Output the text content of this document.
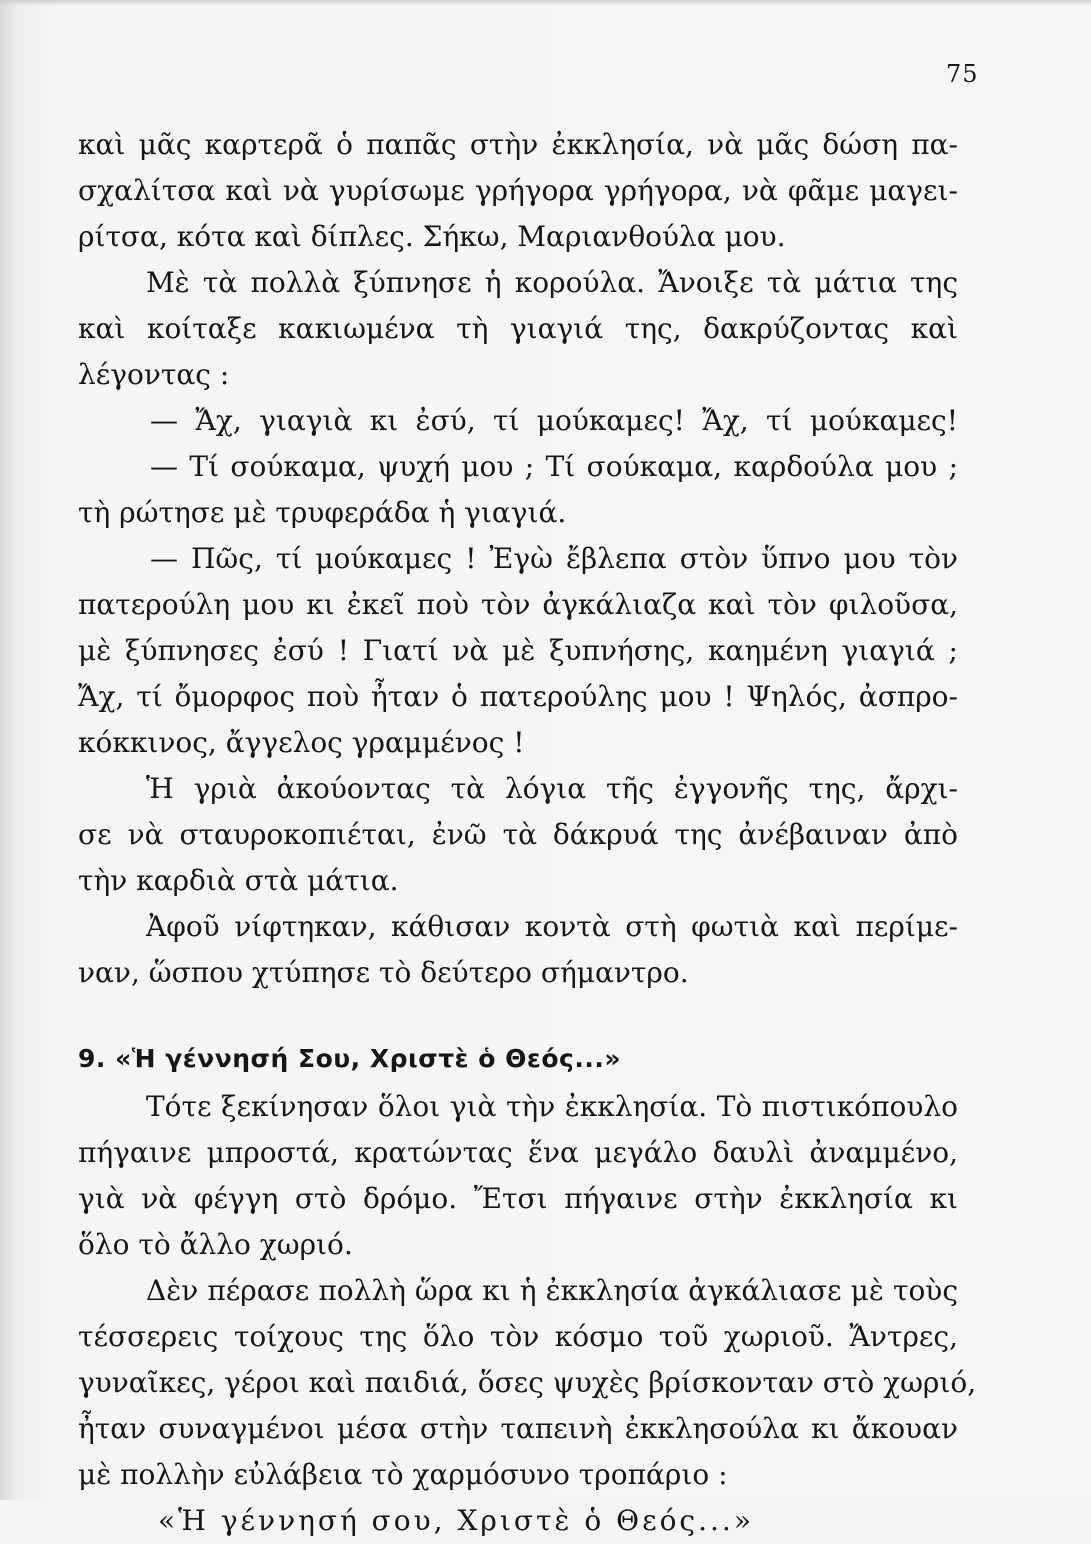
75
καὶ μᾶς καρτερᾶ ὁ παπᾶς στὴν ἐκκλησία, νὰ μᾶς δώση πα-
σχαλίτσα καὶ νὰ γυρίσωμε γρήγορα γρήγορα, νὰ φᾶμε μαγει-
ρίτσα, κότα καὶ δίπλες. Σήκω, Μαριανθούλα μου.
Μὲ τὰ πολλὰ ξύπνησε ἡ κορούλα. Ἄνοιξε τὰ μάτια της
καὶ κοίταξε κακιωμένα τὴ γιαγιά της, δακρύζοντας καὶ
λέγοντας :
— Ἄχ, γιαγιὰ κι ἐσύ, τί μούκαμες! Ἄχ, τί μούκαμες!
— Τί σούκαμα, ψυχή μου ; Τί σούκαμα, καρδούλα μου ;
τὴ ρώτησε μὲ τρυφεράδα ἡ γιαγιά.
— Πῶς, τί μούκαμες ! Ἐγὼ ἔβλεπα στὸν ὕπνο μου τὸν
πατερούλη μου κι ἐκεῖ ποὺ τὸν ἀγκάλιαζα καὶ τὸν φιλοῦσα,
μὲ ξύπνησες ἐσύ ! Γιατί νὰ μὲ ξυπνήσης, καημένη γιαγιά ;
Ἄχ, τί ὄμορφος ποὺ ἦταν ὁ πατερούλης μου ! Ψηλός, ἀσπρο-
κόκκινος, ἄγγελος γραμμένος !
Ἡ γριὰ ἀκούοντας τὰ λόγια τῆς ἐγγονῆς της, ἄρχι-
σε νὰ σταυροκοπιέται, ἐνῶ τὰ δάκρυά της ἀνέβαιναν ἀπὸ
τὴν καρδιὰ στὰ μάτια.
Ἀφοῦ νίφτηκαν, κάθισαν κοντὰ στὴ φωτιὰ καὶ περίμε-
ναν, ὥσπου χτύπησε τὸ δεύτερο σήμαντρο.
9. «Ἡ γέννησή Σου, Χριστὲ ὁ Θεός...»
Τότε ξεκίνησαν ὅλοι γιὰ τὴν ἐκκλησία. Τὸ πιστικόπουλο
πήγαινε μπροστά, κρατώντας ἕνα μεγάλο δαυλὶ ἀναμμένο,
γιὰ νὰ φέγγη στὸ δρόμο. Ἔτσι πήγαινε στὴν ἐκκλησία κι
ὅλο τὸ ἄλλο χωριό.
Δὲν πέρασε πολλὴ ὥρα κι ἡ ἐκκλησία ἀγκάλιασε μὲ τοὺς
τέσσερεις τοίχους της ὅλο τὸν κόσμο τοῦ χωριοῦ. Ἄντρες,
γυναῖκες, γέροι καὶ παιδιά, ὅσες ψυχὲς βρίσκονταν στὸ χωριό,
ἦταν συναγμένοι μέσα στὴν ταπεινὴ ἐκκλησούλα κι ἄκουαν
μὲ πολλὴν εὐλάβεια τὸ χαρμόσυνο τροπάριο :
«Ἡ γέννησή σου, Χριστὲ ὁ Θεός...»
